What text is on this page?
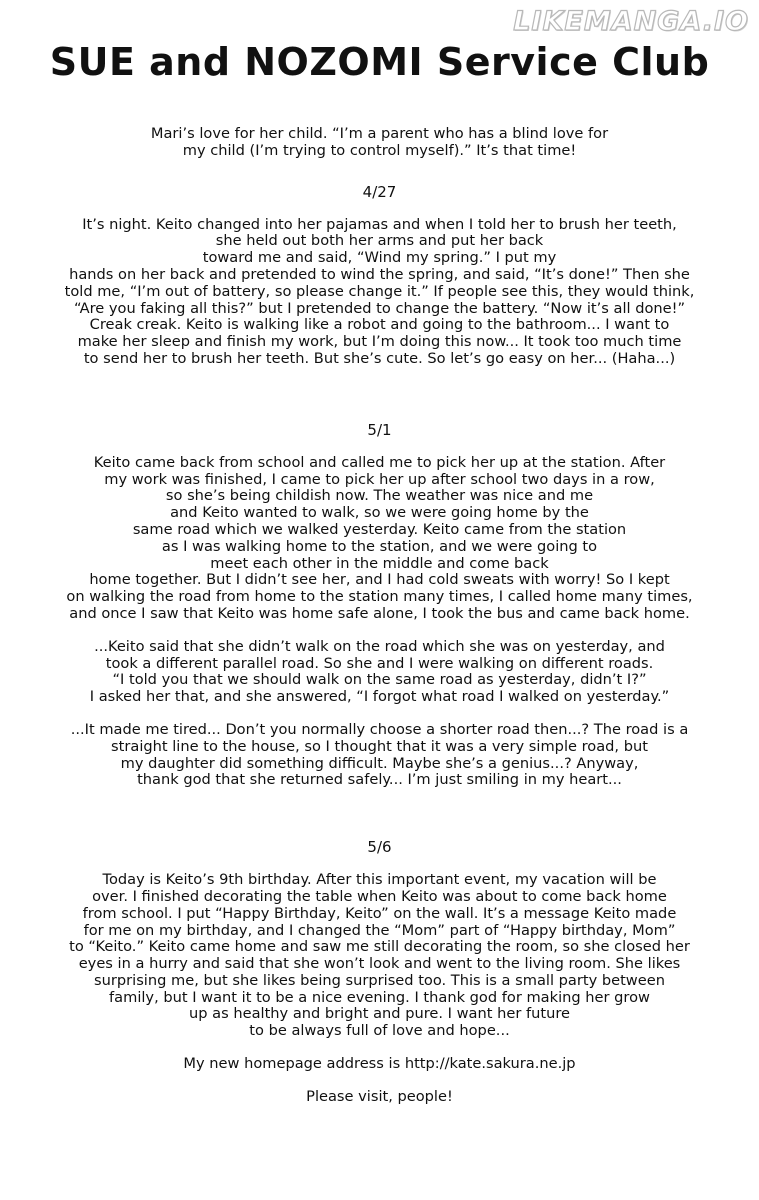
LIKEMANGA.IO
SUE and NOZOMI Service Club
Mari’s love for her child. “I’m a parent who has a blind love for
my child (I’m trying to control myself).” It’s that time!
4/27
It’s night. Keito changed into her pajamas and when I told her to brush her teeth,
she held out both her arms and put her back
toward me and said, “Wind my spring.” I put my
hands on her back and pretended to wind the spring, and said, “It’s done!” Then she
told me, “I’m out of battery, so please change it.” If people see this, they would think,
“Are you faking all this?” but I pretended to change the battery. “Now it’s all done!”
Creak creak. Keito is walking like a robot and going to the bathroom... I want to
make her sleep and finish my work, but I’m doing this now... It took too much time
to send her to brush her teeth. But she’s cute. So let’s go easy on her... (Haha...)
5/1
Keito came back from school and called me to pick her up at the station. After
my work was finished, I came to pick her up after school two days in a row,
so she’s being childish now. The weather was nice and me
and Keito wanted to walk, so we were going home by the
same road which we walked yesterday. Keito came from the station
as I was walking home to the station, and we were going to
meet each other in the middle and come back
home together. But I didn’t see her, and I had cold sweats with worry! So I kept
on walking the road from home to the station many times, I called home many times,
and once I saw that Keito was home safe alone, I took the bus and came back home.
...Keito said that she didn’t walk on the road which she was on yesterday, and
took a different parallel road. So she and I were walking on different roads.
“I told you that we should walk on the same road as yesterday, didn’t I?”
I asked her that, and she answered, “I forgot what road I walked on yesterday.”
...It made me tired... Don’t you normally choose a shorter road then...? The road is a
straight line to the house, so I thought that it was a very simple road, but
my daughter did something difficult. Maybe she’s a genius...? Anyway,
thank god that she returned safely... I’m just smiling in my heart...
5/6
Today is Keito’s 9th birthday. After this important event, my vacation will be
over. I finished decorating the table when Keito was about to come back home
from school. I put “Happy Birthday, Keito” on the wall. It’s a message Keito made
for me on my birthday, and I changed the “Mom” part of “Happy birthday, Mom”
to “Keito.” Keito came home and saw me still decorating the room, so she closed her
eyes in a hurry and said that she won’t look and went to the living room. She likes
surprising me, but she likes being surprised too. This is a small party between
family, but I want it to be a nice evening. I thank god for making her grow
up as healthy and bright and pure. I want her future
to be always full of love and hope...
My new homepage address is http://kate.sakura.ne.jp
Please visit, people!
